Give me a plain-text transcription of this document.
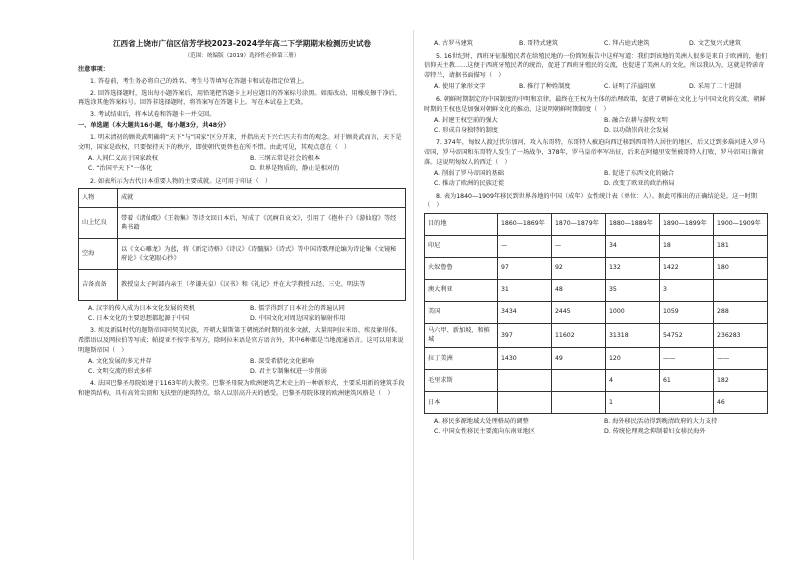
江西省上饶市广信区信芳学校2023-2024学年高二下学期期末检测历史试卷
（范围：统编版（2019）选择性必修第三册）
注意事项：

1. 答卷前，考生务必将自己的姓名、考生号等填写在答题卡和试卷指定位置上。

2. 回答选择题时，选出每小题答案后，用铅笔把答题卡上对应题目的答案标号涂黑。如需改动，用橡皮擦干净后，再选涂其他答案标号。回答非选择题时，将答案写在答题卡上。写在本试卷上无效。

3. 考试结束后，将本试卷和答题卡一并交回。

一、单选题（本大题共16小题，每小题3分，共48分）

1. 明末清初的顾炎武明确将“天下”与“国家”区分开来，并指出天下兴亡匹夫有责的观念。对于顾炎武而言，天下是文明，国家是政权，只要保持天下的秩序，即使朝代更替也在所不惜。由此可见，其观点意在（　）

A. 人间仁义高于国家政权	B. 三纲五常是社会的根本
C. “治国平天下”一体化	D. 世界是物质的，静止是相对的

2. 如表所示为古代日本重要人物的主要成就。这可用于印证（　）

人物	成就
山上忆良	带着《诸仙歌》《王勃集》等诗文回日本后，写成了《沉痾自哀文》，引用了《抱朴子》《游仙窟》等经典书籍
空海	以《文心雕龙》为蓝，将《新定诗格》《诗议》《诗髓脑》《诗式》等中国诗歌理论编为诗论集《文镜秘府论》《文笔眼心抄》
吉备真备	教授皇太子阿部内亲王（孝谦天皇）《汉书》和《礼记》并在大学教授五经、三史、明法等
A. 汉字的传入成为日本文化发展的契机	B. 儒学得到了日本社会的普遍认同
C. 日本文化的主要思想都起源于中国	D. 中国文化对周边国家的辐射作用

3. 埃及新陆时代的迦斯帝国同契美民族，开朝大量斯第王朝统治时期的很多文献，大量用阿拉米语、埃及象形体、希腊语以及网拉伯等写成；帕提亚不按字书写方，除阿拉米语是官方语言外，其中6种都是当地流通语言。这可以用来说明迦斯帝国（　）

A. 文化发展的多元并存	B. 深受希腊化文化影响
C. 文明交流的形式多样	D. 君主专制集权进一步削弱

4. 法国巴黎圣母院始建于1163年的大教堂。巴黎圣母院为欧洲建筑艺术史上的一种新形式，主要采用新的建筑手段和建筑结构，具有高耸尖顶和飞扶壁的建筑特点，给人以崇高升天的感受。巴黎圣母院体现的欧洲建筑风格是（　）

A. 古罗马建筑	B. 哥特式建筑	C. 拜占庭式建筑	D. 文艺复兴式建筑

5. 16世纪时，西班牙征服殖民者在给殖民地的一份简短报告中这样写道：我们到该地的美洲人很多是来自于欧洲的，他们信仰天主教……这便于西班牙殖民者的统治，促进了西班牙殖民的交流，也促进了美洲人的文化，所以我认为，这就是特诺奇蒂特兰，请据书面描写（　）

A. 使用了象形文字	B. 推行了种姓制度	C. 证明了洋溢阻塞	D. 采用了二十进制

6. 朝鲜时期制定的中国制度的中明和京律，最终在王权为主体的治理政策，促进了朝鲜在文化上与中国文化的交流，朝鲜时期的王权也是加强对朝鲜文化的推动，这说明朝鲜时期制度（　）

A. 封建王权空前的强大	B. 融合农耕与游牧文明
C. 形成自身独特的制度	D. 以功勋崇尚社会发展

7. 374年，匈奴人渡过伏尔加河，攻入东哥特，东哥特人被迫向西迁移到西哥特人居住的地区，后又迁到多瑙河进入罗马帝国，罗马帝国和东哥特人发生了一场战争，378年，罗马皇帝率军出征，后来在阿德里安堡被哥特人打败，罗马帝国日渐衰落。这说明匈奴人的西迁（　）

A. 削弱了罗马帝国的基础	B. 促进了东西文化的融合
C. 推动了欧洲的民族迁徙	D. 改变了欧亚的政治格局

8. 表为1840—1909年移民到世界各地的中国（成年）女性统计表（单位：人）。据此可推出的正确结论是，这一时期（　）

目的地	1860—1869年	1870—1879年	1880—1889年	1890—1899年	1900—1909年
印尼	—	—	34	18	181
火奴鲁鲁	97	92	132	1422	180
澳大利亚	31	48	35	3	
美国	3434	2445	1000	1059	288
马六甲、新加坡、和槟城	397	11602	31318	54752	236283
拉丁美洲	1430	49	120	——	——
毛里求斯			4	61	182
日本			1		46
A. 移民多源地域大处理格局的调整	B. 海外移民活动得到晚清政府的大力支持
C. 中国女性移民主要流向东南亚地区	D. 传统伦理观念抑制着妇女移民海外
